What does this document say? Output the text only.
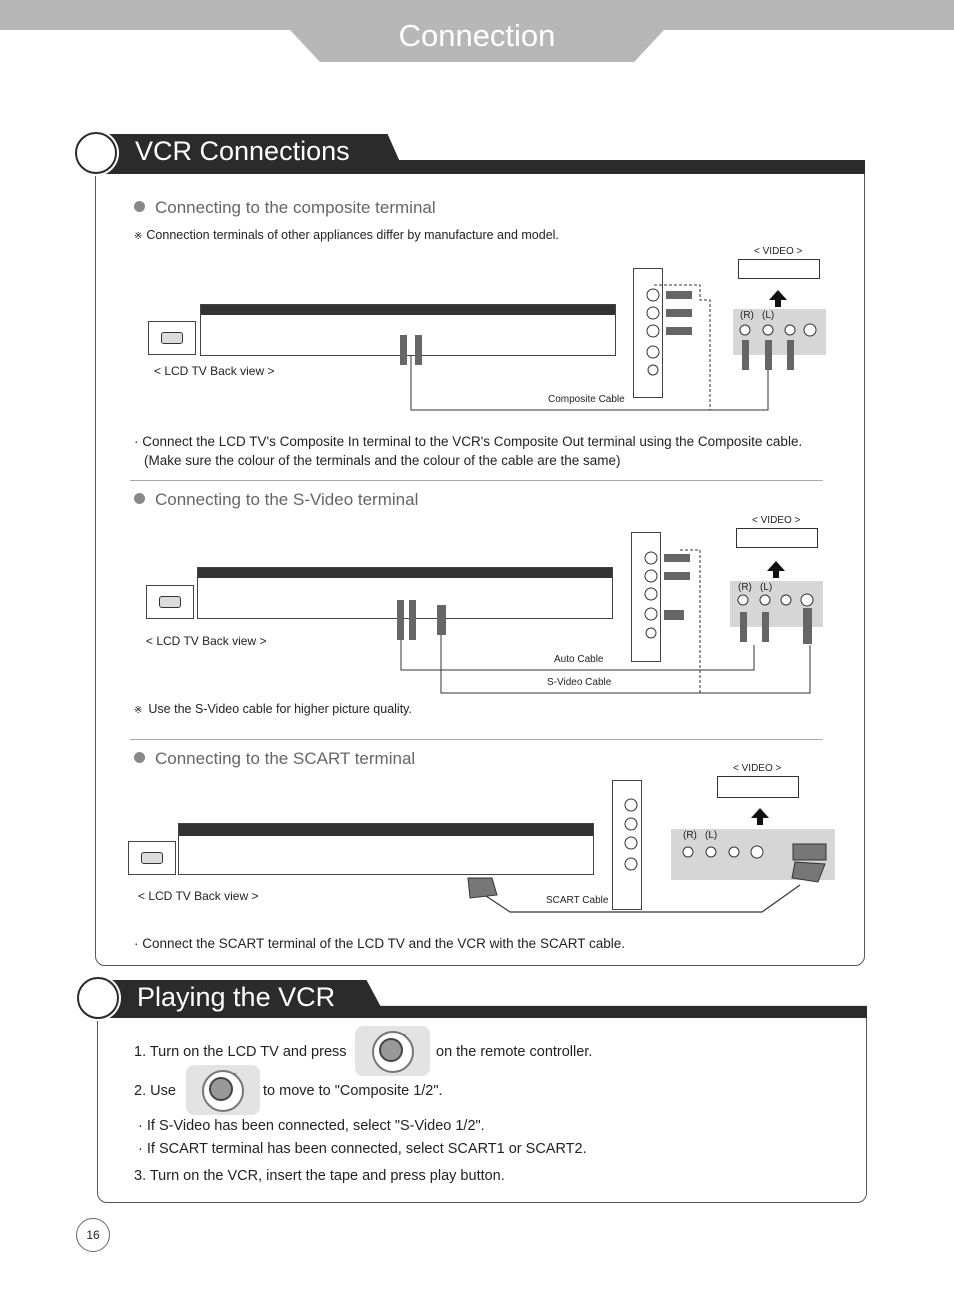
Connection
VCR Connections
Connecting to the composite terminal
※ Connection terminals of other appliances differ by manufacture and model.
< LCD TV Back view >
< VIDEO >
(R) (L)
Composite Cable
· Connect the LCD TV's Composite In terminal to the VCR's Composite Out terminal using the Composite cable.
(Make sure the colour of the terminals and the colour of the cable are the same)
Connecting to the S-Video terminal
< LCD TV Back view >
< VIDEO >
(R) (L)
Auto Cable
S-Video Cable
※ Use the S-Video cable for higher picture quality.
Connecting to the SCART terminal
< LCD TV Back view >
< VIDEO >
(R) (L)
SCART Cable
· Connect the SCART terminal of the LCD TV and the VCR with the SCART cable.
Playing the VCR
1. Turn on the LCD TV and press	on the remote controller.
2. Use	to move to "Composite 1/2".
· If S-Video has been connected, select "S-Video 1/2".
· If SCART terminal has been connected, select SCART1 or SCART2.
3. Turn on the VCR, insert the tape and press play button.
16
